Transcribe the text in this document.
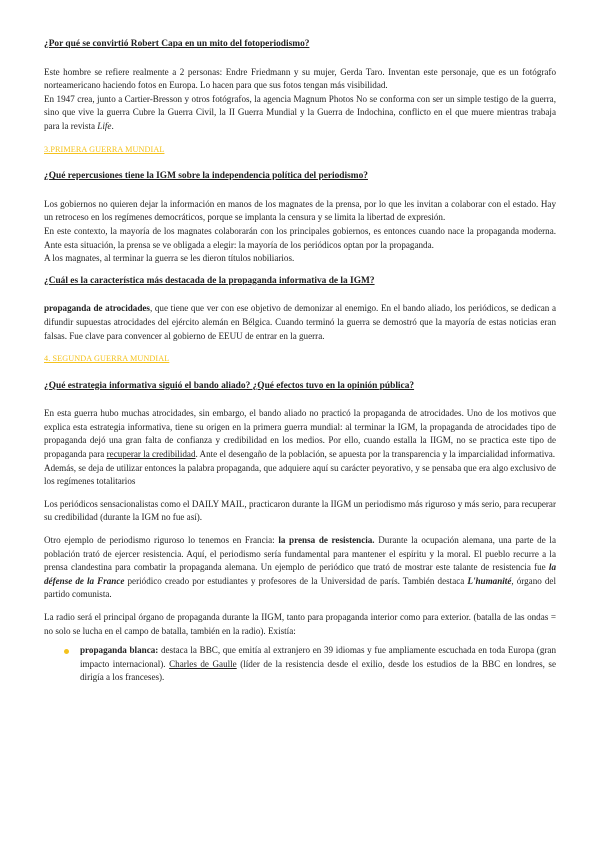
¿Por qué se convirtió Robert Capa en un mito del fotoperiodismo?

Este hombre se refiere realmente a 2 personas: Endre Friedmann y su mujer, Gerda Taro. Inventan este personaje, que es un fotógrafo norteamericano haciendo fotos en Europa. Lo hacen para que sus fotos tengan más visibilidad.

En 1947 crea, junto a Cartier-Bresson y otros fotógrafos, la agencia Magnum Photos No se conforma con ser un simple testigo de la guerra, sino que vive la guerra Cubre la Guerra Civil, la II Guerra Mundial y la Guerra de Indochina, conflicto en el que muere mientras trabaja para la revista Life.

3.PRIMERA GUERRA MUNDIAL
¿Qué repercusiones tiene la IGM sobre la independencia política del periodismo?

Los gobiernos no quieren dejar la información en manos de los magnates de la prensa, por lo que les invitan a colaborar con el estado. Hay un retroceso en los regímenes democráticos, porque se implanta la censura y se limita la libertad de expresión.

En este contexto, la mayoría de los magnates colaborarán con los principales gobiernos, es entonces cuando nace la propaganda moderna. Ante esta situación, la prensa se ve obligada a elegir: la mayoría de los periódicos optan por la propaganda.

A los magnates, al terminar la guerra se les dieron títulos nobiliarios.

¿Cuál es la característica más destacada de la propaganda informativa de la IGM?

propaganda de atrocidades, que tiene que ver con ese objetivo de demonizar al enemigo. En el bando aliado, los periódicos, se dedican a difundir supuestas atrocidades del ejército alemán en Bélgica. Cuando terminó la guerra se demostró que la mayoría de estas noticias eran falsas. Fue clave para convencer al gobierno de EEUU de entrar en la guerra.

4. SEGUNDA GUERRA MUNDIAL
¿Qué estrategia informativa siguió el bando aliado? ¿Qué efectos tuvo en la opinión pública?

En esta guerra hubo muchas atrocidades, sin embargo, el bando aliado no practicó la propaganda de atrocidades. Uno de los motivos que explica esta estrategia informativa, tiene su origen en la primera guerra mundial: al terminar la IGM, la propaganda de atrocidades tipo de propaganda dejó una gran falta de confianza y credibilidad en los medios. Por ello, cuando estalla la IIGM, no se practica este tipo de propaganda para recuperar la credibilidad. Ante el desengaño de la población, se apuesta por la transparencia y la imparcialidad informativa.

Además, se deja de utilizar entonces la palabra propaganda, que adquiere aquí su carácter peyorativo, y se pensaba que era algo exclusivo de los regímenes totalitarios

Los periódicos sensacionalistas como el DAILY MAIL, practicaron durante la IIGM un periodismo más riguroso y más serio, para recuperar su credibilidad (durante la IGM no fue así).

Otro ejemplo de periodismo riguroso lo tenemos en Francia: la prensa de resistencia. Durante la ocupación alemana, una parte de la población trató de ejercer resistencia. Aquí, el periodismo sería fundamental para mantener el espíritu y la moral. El pueblo recurre a la prensa clandestina para combatir la propaganda alemana. Un ejemplo de periódico que trató de mostrar este talante de resistencia fue la défense de la France periódico creado por estudiantes y profesores de la Universidad de parís. También destaca L'humanité, órgano del partido comunista.

La radio será el principal órgano de propaganda durante la IIGM, tanto para propaganda interior como para exterior. (batalla de las ondas = no solo se lucha en el campo de batalla, también en la radio). Existía:

propaganda blanca: destaca la BBC, que emitía al extranjero en 39 idiomas y fue ampliamente escuchada en toda Europa (gran impacto internacional). Charles de Gaulle (líder de la resistencia desde el exilio, desde los estudios de la BBC en londres, se dirigía a los franceses).
